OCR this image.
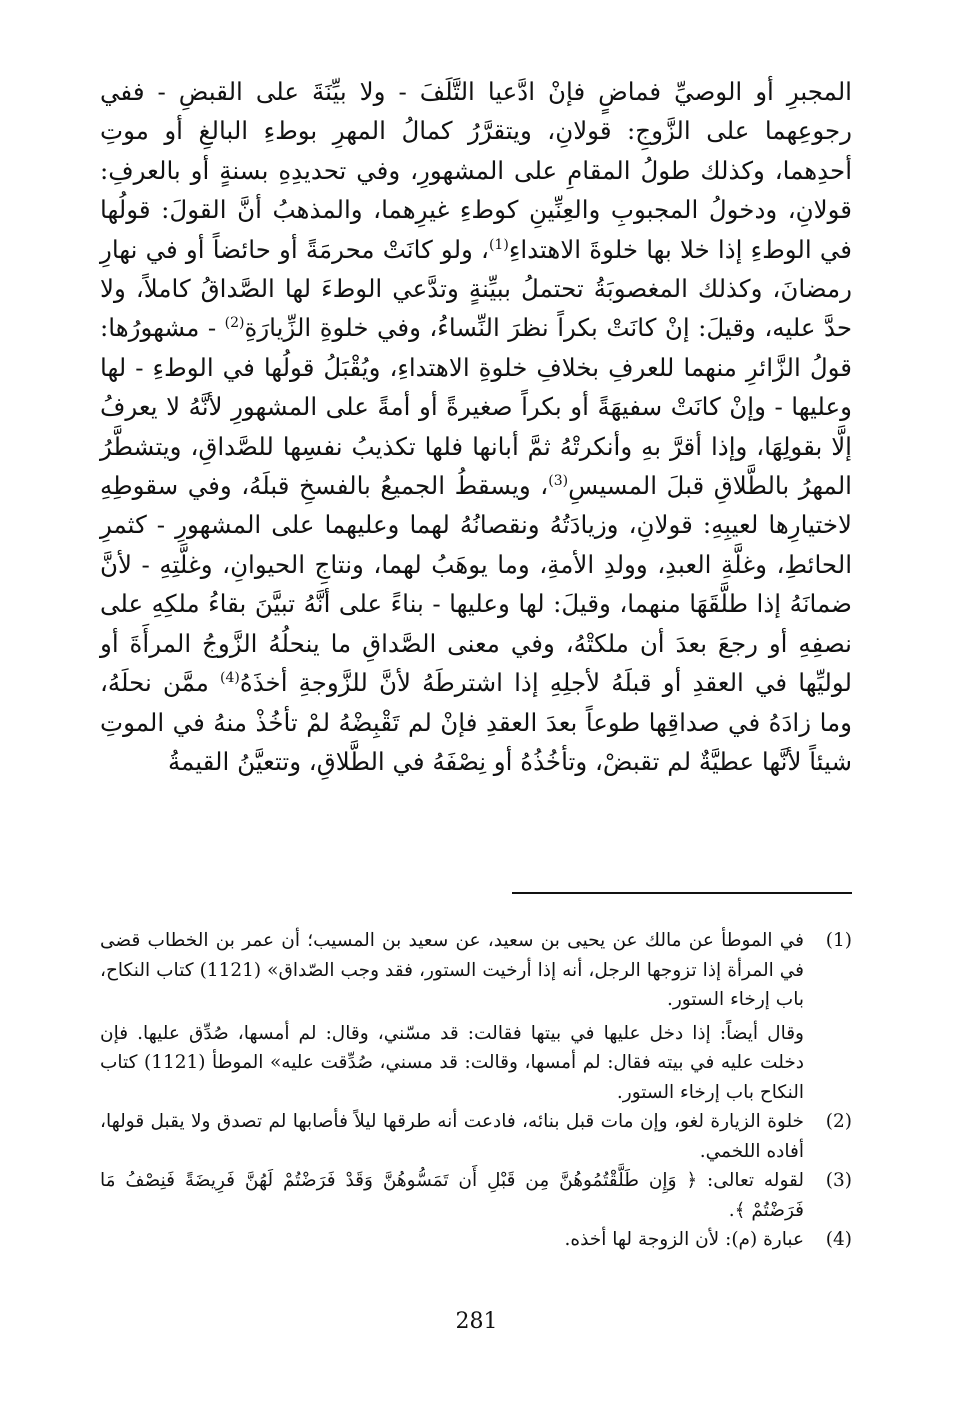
المجبرِ أو الوصيِّ فماضٍ فإنْ ادَّعيا التَّلَفَ - ولا بيِّنَةَ على القبضِ - ففي رجوعِهما على الزَّوجِ: قولانِ، ويتقرَّرُ كمالُ المهرِ بوطءِ البالغِ أو موتِ أحدِهما، وكذلك طولُ المقامِ على المشهورِ، وفي تحديدِهِ بسنةٍ أو بالعرفِ: قولانِ، ودخولُ المجبوبِ والعِنِّينِ كوطءِ غيرِهما، والمذهبُ أنَّ القولَ: قولُها في الوطءِ إذا خلا بها خلوةَ الاهتداءِ$^{(1)}$، ولو كانَتْ محرمَةً أو حائضاً أو في نهارِ رمضانَ، وكذلك المغصوبَةُ تحتملُ ببيِّنةٍ وتدَّعي الوطءَ لها الصَّداقُ كاملاً، ولا حدَّ عليه، وقيلَ: إنْ كانَتْ بكراً نظرَ النِّساءُ، وفي خلوةِ الزِّيارَةِ$^{(2)}$ - مشهورُها: قولُ الزَّائرِ منهما للعرفِ بخلافِ خلوةِ الاهتداءِ، ويُقْبَلُ قولُها في الوطءِ - لها وعليها - وإنْ كانَتْ سفيهَةً أو بكراً صغيرةً أو أمةً على المشهورِ لأنَّهُ لا يعرفُ إلَّا بقولِهَا، وإذا أقرَّ بهِ وأنكرتْهُ ثمَّ أبانها فلها تكذيبُ نفسِها للصَّداقِ، ويتشطَّرُ المهرُ بالطَّلاقِ قبلَ المسيسِ$^{(3)}$، ويسقطُ الجميعُ بالفسخِ قبلَهُ، وفي سقوطِهِ لاختيارِها لعيبِهِ: قولانِ، وزيادَتُهُ ونقصانُهُ لهما وعليهما على المشهورِ - كثمرِ الحائطِ، وغلَّةِ العبدِ، وولدِ الأمةِ، وما يوهَبُ لهما، ونتاجِ الحيوانِ، وغلَّتِهِ - لأنَّ ضمانَهُ إذا طلَّقَهَا منهما، وقيلَ: لها وعليها - بناءً على أنَّهُ تبيَّنَ بقاءُ ملكِهِ على نصفِهِ أو رجعَ بعدَ أن ملكتْهُ، وفي معنى الصَّداقِ ما ينحلُهُ الزَّوجُ المرأَةَ أو لوليِّها في العقدِ أو قبلَهُ لأجلِهِ إذا اشترطَهُ لأنَّ للزَّوجةِ أخذَهُ$^{(4)}$ ممَّن نحلَهُ، وما زادَهُ في صداقِها طوعاً بعدَ العقدِ فإنْ لم تَقْبِضْهُ لمْ تأخُذْ منهُ في الموتِ شيئاً لأنَّها عطيَّةٌ لم تقبضْ، وتأخُذُهُ أو نِصْفَهُ في الطَّلاقِ، وتتعيَّنُ القيمةُ

(1)

في الموطأ عن مالك عن يحيى بن سعيد، عن سعيد بن المسيب؛ أن عمر بن الخطاب قضى في المرأة إذا تزوجها الرجل، أنه إذا أرخيت الستور، فقد وجب الصّداق» (1121) كتاب النكاح، باب إرخاء الستور.

وقال أيضاً: إذا دخل عليها في بيتها فقالت: قد مسّني، وقال: لم أمسها، صُدِّق عليها. فإن دخلت عليه في بيته فقال: لم أمسها، وقالت: قد مسني، صُدِّقت عليه» الموطأ (1121) كتاب النكاح باب إرخاء الستور.

(2)

خلوة الزيارة لغو، وإن مات قبل بنائه، فادعت أنه طرقها ليلاً فأصابها لم تصدق ولا يقبل قولها، أفاده اللخمي.

(3)

لقوله تعالى: ﴿ وَإِن طَلَّقْتُمُوهُنَّ مِن قَبْلِ أَن تَمَسُّوهُنَّ وَقَدْ فَرَضْتُمْ لَهُنَّ فَرِيضَةً فَنِصْفُ مَا فَرَضْتُمْ ﴾.

(4)

عبارة (م): لأن الزوجة لها أخذه.

281
